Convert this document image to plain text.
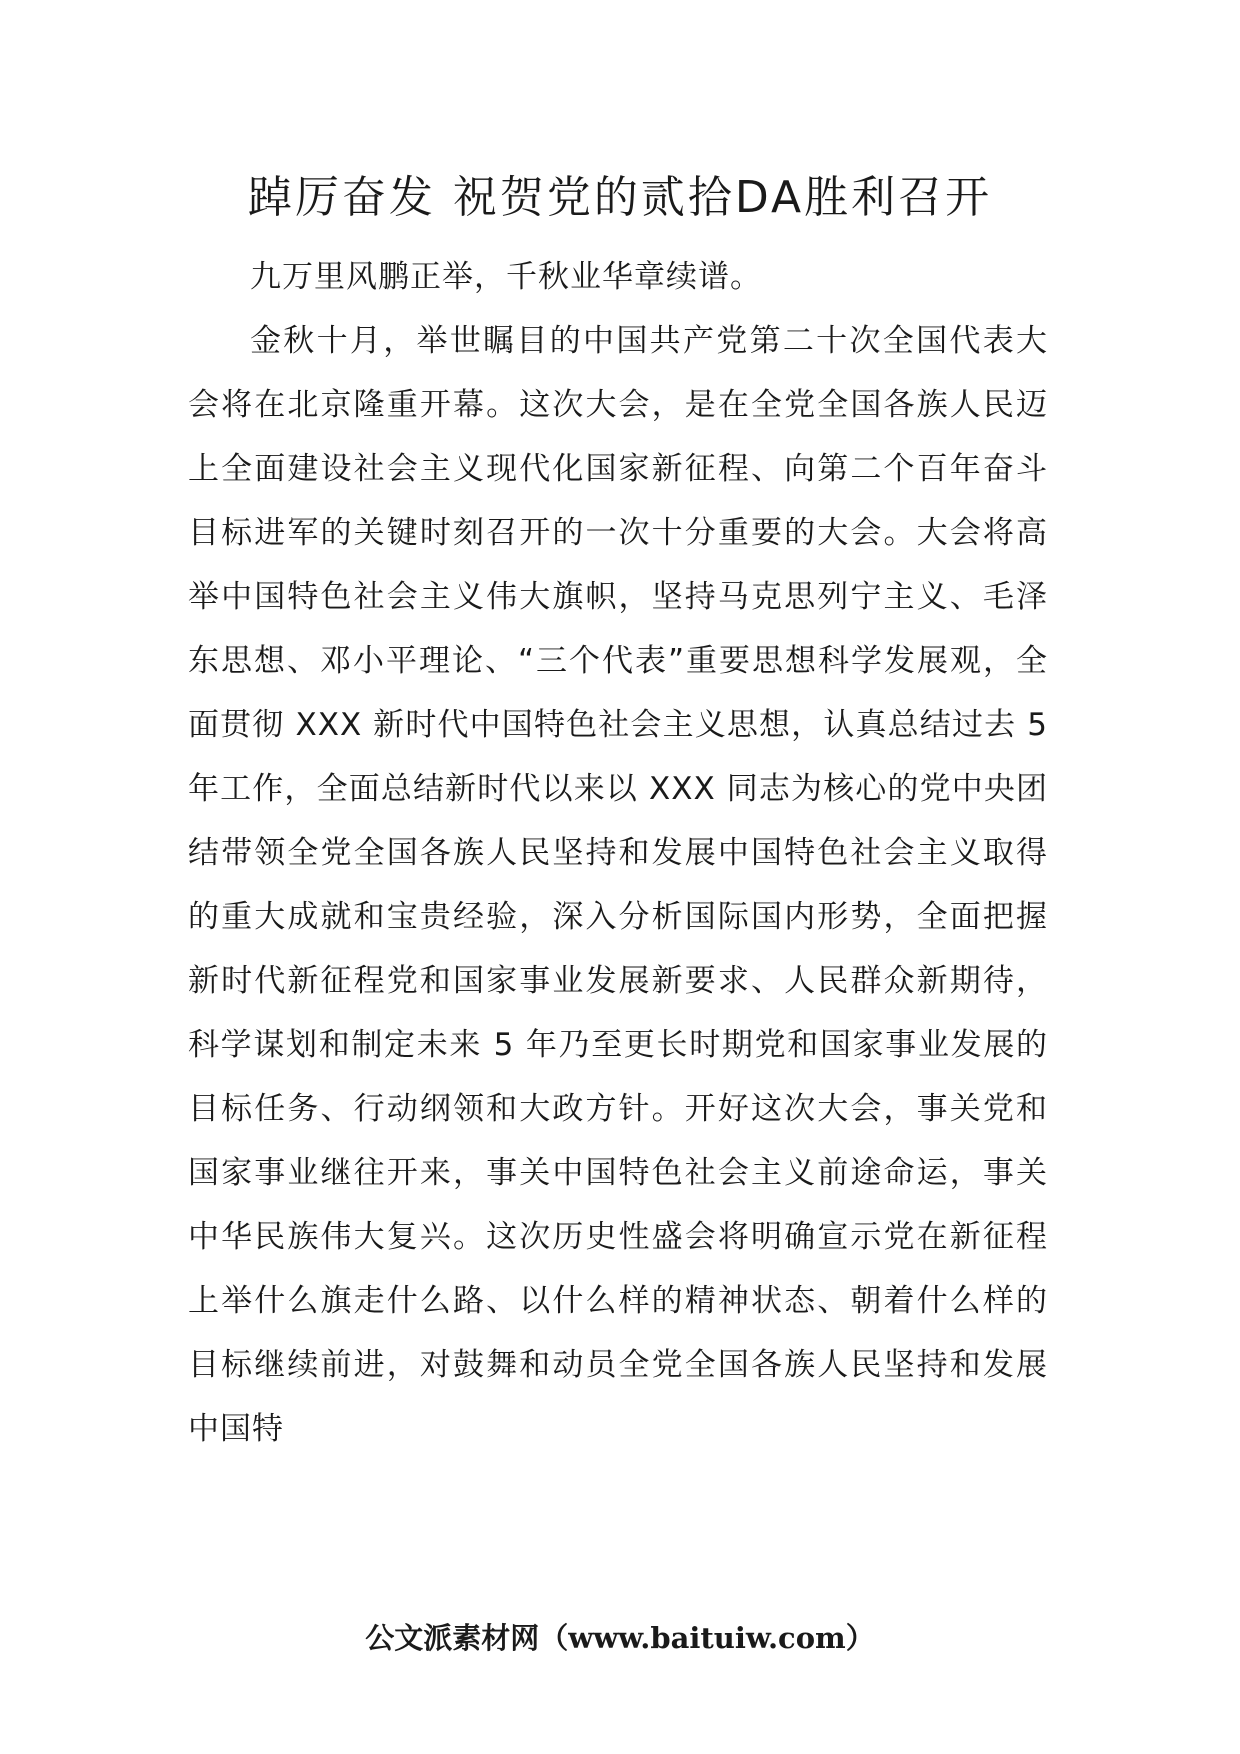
踔厉奋发 祝贺党的贰拾DA胜利召开

九万里风鹏正举，千秋业华章续谱。

金秋十月，举世瞩目的中国共产党第二十次全国代表大会将在北京隆重开幕。这次大会，是在全党全国各族人民迈上全面建设社会主义现代化国家新征程、向第二个百年奋斗目标进军的关键时刻召开的一次十分重要的大会。大会将高举中国特色社会主义伟大旗帜，坚持马克思列宁主义、毛泽东思想、邓小平理论、“三个代表”重要思想科学发展观，全面贯彻 XXX 新时代中国特色社会主义思想，认真总结过去 5 年工作，全面总结新时代以来以 XXX 同志为核心的党中央团结带领全党全国各族人民坚持和发展中国特色社会主义取得的重大成就和宝贵经验，深入分析国际国内形势，全面把握新时代新征程党和国家事业发展新要求、人民群众新期待，科学谋划和制定未来 5 年乃至更长时期党和国家事业发展的目标任务、行动纲领和大政方针。开好这次大会，事关党和国家事业继往开来，事关中国特色社会主义前途命运，事关中华民族伟大复兴。这次历史性盛会将明确宣示党在新征程上举什么旗走什么路、以什么样的精神状态、朝着什么样的目标继续前进，对鼓舞和动员全党全国各族人民坚持和发展中国特

公文派素材网（www.baituiw.com）
